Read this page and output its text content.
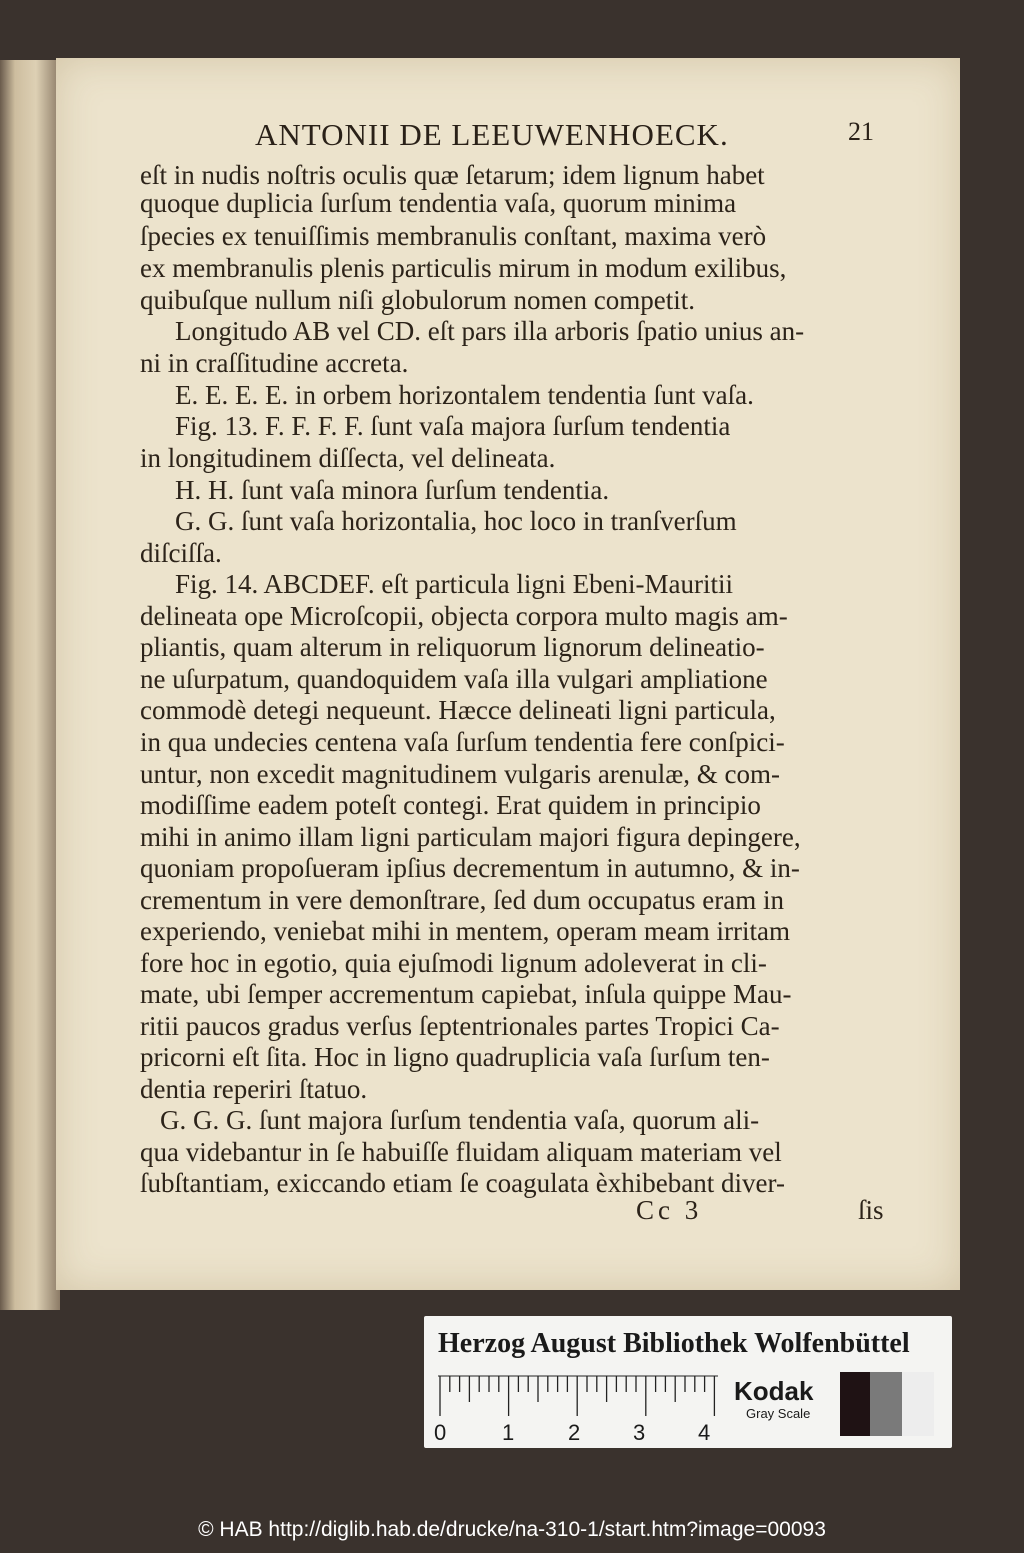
ANTONII DE LEEUWENHOECK.	21
eſt in nudis noſtris oculis quæ ſetarum; idem lignum habet
quoque duplicia ſurſum tendentia vaſa, quorum minima
ſpecies ex tenuiſſimis membranulis conſtant, maxima verò
ex membranulis plenis particulis mirum in modum exilibus,
quibuſque nullum niſi globulorum nomen competit.
Longitudo AB vel CD. eſt pars illa arboris ſpatio unius an-
ni in craſſitudine accreta.
E. E. E. E. in orbem horizontalem tendentia ſunt vaſa.
Fig. 13. F. F. F. F. ſunt vaſa majora ſurſum tendentia
in longitudinem diſſecta, vel delineata.
H. H. ſunt vaſa minora ſurſum tendentia.
G. G. ſunt vaſa horizontalia, hoc loco in tranſverſum
diſciſſa.
Fig. 14. ABCDEF. eſt particula ligni Ebeni-Mauritii
delineata ope Microſcopii, objecta corpora multo magis am-
pliantis, quam alterum in reliquorum lignorum delineatio-
ne uſurpatum, quandoquidem vaſa illa vulgari ampliatione
commodè detegi nequeunt. Hæcce delineati ligni particula,
in qua undecies centena vaſa ſurſum tendentia fere conſpici-
untur, non excedit magnitudinem vulgaris arenulæ, & com-
modiſſime eadem poteſt contegi. Erat quidem in principio
mihi in animo illam ligni particulam majori figura depingere,
quoniam propoſueram ipſius decrementum in autumno, & in-
crementum in vere demonſtrare, ſed dum occupatus eram in
experiendo, veniebat mihi in mentem, operam meam irritam
fore hoc in egotio, quia ejuſmodi lignum adoleverat in cli-
mate, ubi ſemper accrementum capiebat, inſula quippe Mau-
ritii paucos gradus verſus ſeptentrionales partes Tropici Ca-
pricorni eſt ſita. Hoc in ligno quadruplicia vaſa ſurſum ten-
dentia reperiri ſtatuo.
G. G. G. ſunt majora ſurſum tendentia vaſa, quorum ali-
qua videbantur in ſe habuiſſe fluidam aliquam materiam vel
ſubſtantiam, exiccando etiam ſe coagulata èxhibebant diver-
Cc 3	ſis
Herzog August Bibliothek Wolfenbüttel
0	1 2 3 4
Kodak
Gray Scale
© HAB http://diglib.hab.de/drucke/na-310-1/start.htm?image=00093
